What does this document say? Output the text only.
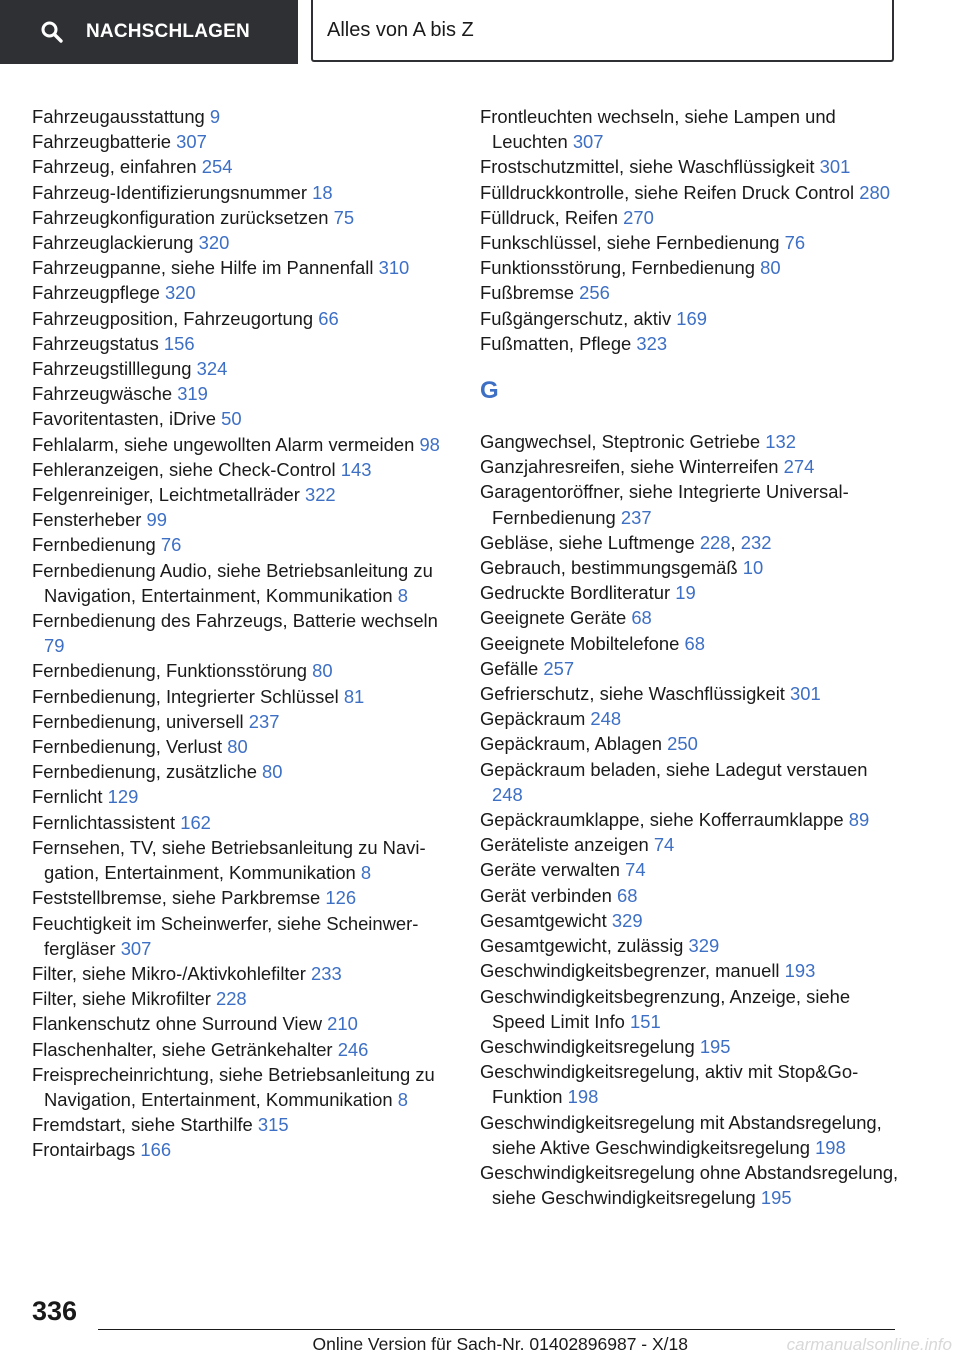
NACHSCHLAGEN	Alles von A bis Z
Fahrzeugausstattung 9
Fahrzeugbatterie 307
Fahrzeug, einfahren 254
Fahrzeug-Identifizierungsnummer 18
Fahrzeugkonfiguration zurücksetzen 75
Fahrzeuglackierung 320
Fahrzeugpanne, siehe Hilfe im Pannenfall 310
Fahrzeugpflege 320
Fahrzeugposition, Fahrzeugortung 66
Fahrzeugstatus 156
Fahrzeugstilllegung 324
Fahrzeugwäsche 319
Favoritentasten, iDrive 50
Fehlalarm, siehe ungewollten Alarm vermeiden 98
Fehleranzeigen, siehe Check-Control 143
Felgenreiniger, Leichtmetallräder 322
Fensterheber 99
Fernbedienung 76
Fernbedienung Audio, siehe Betriebsanleitung zu Navigation, Entertainment, Kommunikation 8
Fernbedienung des Fahrzeugs, Batterie wechseln 79
Fernbedienung, Funktionsstörung 80
Fernbedienung, Integrierter Schlüssel 81
Fernbedienung, universell 237
Fernbedienung, Verlust 80
Fernbedienung, zusätzliche 80
Fernlicht 129
Fernlichtassistent 162
Fernsehen, TV, siehe Betriebsanleitung zu Navigation, Entertainment, Kommunikation 8
Feststellbremse, siehe Parkbremse 126
Feuchtigkeit im Scheinwerfer, siehe Scheinwerfergläser 307
Filter, siehe Mikro-/Aktivkohlefilter 233
Filter, siehe Mikrofilter 228
Flankenschutz ohne Surround View 210
Flaschenhalter, siehe Getränkehalter 246
Freisprecheinrichtung, siehe Betriebsanleitung zu Navigation, Entertainment, Kommunikation 8
Fremdstart, siehe Starthilfe 315
Frontairbags 166
Frontleuchten wechseln, siehe Lampen und Leuchten 307
Frostschutzmittel, siehe Waschflüssigkeit 301
Fülldruckkontrolle, siehe Reifen Druck Control 280
Fülldruck, Reifen 270
Funkschlüssel, siehe Fernbedienung 76
Funktionsstörung, Fernbedienung 80
Fußbremse 256
Fußgängerschutz, aktiv 169
Fußmatten, Pflege 323
G
Gangwechsel, Steptronic Getriebe 132
Ganzjahresreifen, siehe Winterreifen 274
Garagentoröffner, siehe Integrierte Universal-Fernbedienung 237
Gebläse, siehe Luftmenge 228, 232
Gebrauch, bestimmungsgemäß 10
Gedruckte Bordliteratur 19
Geeignete Geräte 68
Geeignete Mobiltelefone 68
Gefälle 257
Gefrierschutz, siehe Waschflüssigkeit 301
Gepäckraum 248
Gepäckraum, Ablagen 250
Gepäckraum beladen, siehe Ladegut verstauen 248
Gepäckraumklappe, siehe Kofferraumklappe 89
Geräteliste anzeigen 74
Geräte verwalten 74
Gerät verbinden 68
Gesamtgewicht 329
Gesamtgewicht, zulässig 329
Geschwindigkeitsbegrenzer, manuell 193
Geschwindigkeitsbegrenzung, Anzeige, siehe Speed Limit Info 151
Geschwindigkeitsregelung 195
Geschwindigkeitsregelung, aktiv mit Stop&Go-Funktion 198
Geschwindigkeitsregelung mit Abstandsregelung, siehe Aktive Geschwindigkeitsregelung 198
Geschwindigkeitsregelung ohne Abstandsregelung, siehe Geschwindigkeitsregelung 195
336
Online Version für Sach-Nr. 01402896987 - X/18	carmanualsonline.info
